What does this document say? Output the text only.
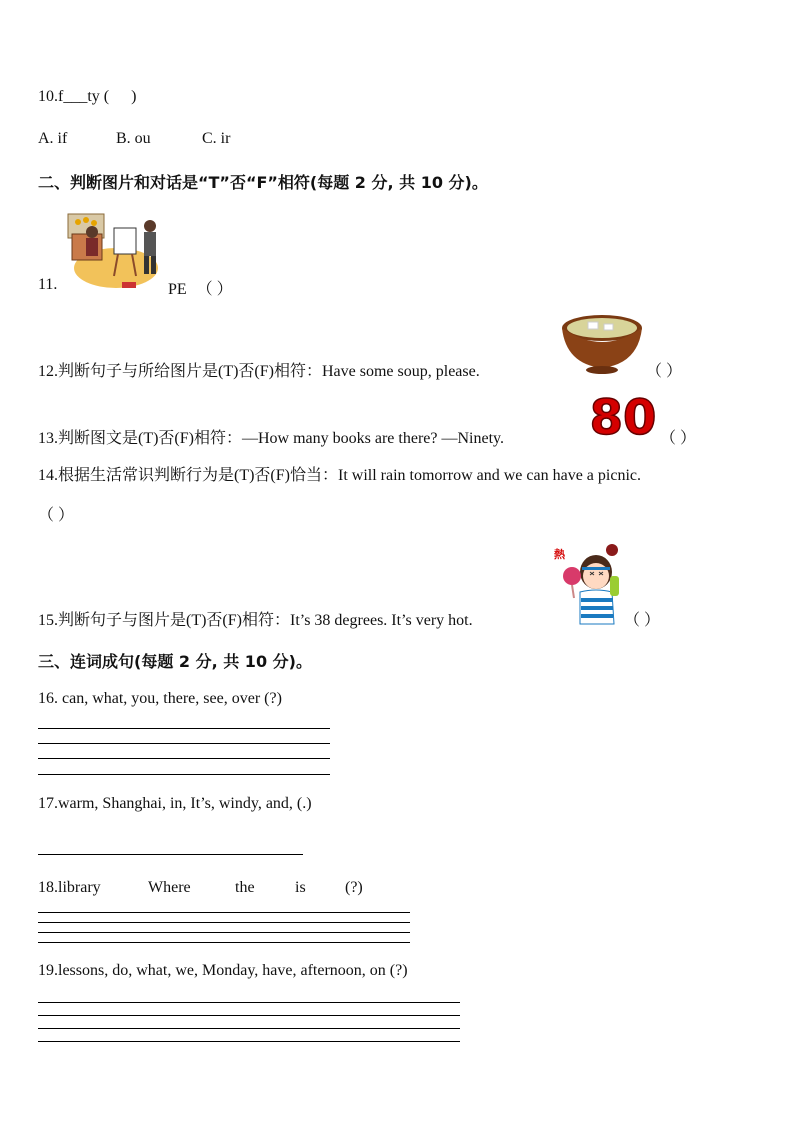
10.f___ty ( )
A. if	B. ou	C. ir
二、判断图片和对话是“T”否“F”相符(每题 2 分, 共 10 分)。
11.	PE （ ）
12.判断句子与所给图片是(T)否(F)相符：Have some soup, please.	（ ）
80
13.判断图文是(T)否(F)相符：—How many books are there? —Ninety.	（ ）
14.根据生活常识判断行为是(T)否(F)恰当：It will rain tomorrow and we can have a picnic.
（ ）
熱
15.判断句子与图片是(T)否(F)相符：It’s 38 degrees. It’s very hot.	（ ）
三、连词成句(每题 2 分, 共 10 分)。
16. can, what, you, there, see, over (?)
17.warm, Shanghai, in, It’s, windy, and, (.)
18.library	Where	the	is (?)
19.lessons, do, what, we, Monday, have, afternoon, on (?)
